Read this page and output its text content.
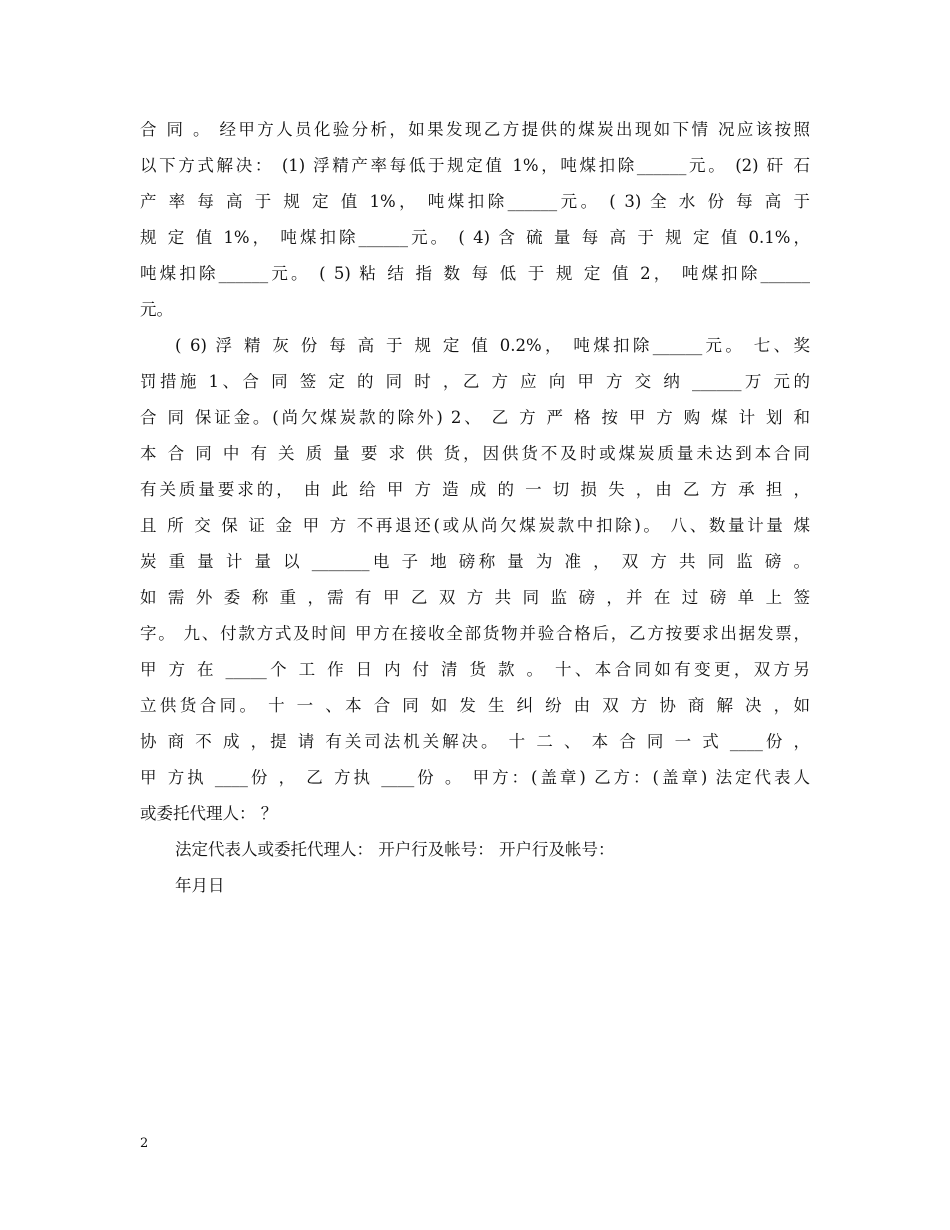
合 同 。 经甲方人员化验分析，如果发现乙方提供的煤炭出现如下情 况应该按照
以下方式解决： (1) 浮精产率每低于规定值 1%，吨煤扣除______元。 (2) 矸 石
产 率 每 高 于 规 定 值 1%， 吨煤扣除______元。 ( 3) 全 水 份 每 高 于
规 定 值 1%， 吨煤扣除______元。 ( 4) 含 硫 量 每 高 于 规 定 值 0.1%，
吨煤扣除______元。 ( 5) 粘 结 指 数 每 低 于 规 定 值 2， 吨煤扣除______
元。
( 6) 浮 精 灰 份 每 高 于 规 定 值 0.2%， 吨煤扣除______元。 七、奖
罚措施 1、合 同 签 定 的 同 时 ，乙 方 应 向 甲 方 交 纳 ______万 元的
合 同 保证金。(尚欠煤炭款的除外) 2、 乙 方 严 格 按 甲 方 购 煤 计 划 和
本 合 同 中 有 关 质 量 要 求 供 货，因供货不及时或煤炭质量未达到本合同
有关质量要求的， 由 此 给 甲 方 造 成 的 一 切 损 失 ，由 乙 方 承 担 ，
且 所 交 保 证 金 甲 方 不再退还(或从尚欠煤炭款中扣除)。 八、数量计量 煤
炭 重 量 计 量 以 _______电 子 地 磅称 量 为 准 ， 双 方 共 同 监 磅 。
如 需 外 委 称 重 ，需 有 甲 乙 双 方 共 同 监 磅 ，并 在 过 磅 单 上 签
字。 九、付款方式及时间 甲方在接收全部货物并验合格后，乙方按要求出据发票，
甲 方 在 _____个 工 作 日 内 付 清 货 款 。 十、本合同如有变更，双方另
立供货合同。 十 一 、本 合 同 如 发 生 纠 纷 由 双 方 协 商 解 决 ，如
协 商 不 成 ，提 请 有关司法机关解决。 十 二 、 本 合 同 一 式 ____份 ，
甲 方执 ____份 ， 乙 方执 ____份 。 甲方：(盖章) 乙方：(盖章) 法定代表人
或委托代理人： ？
法定代表人或委托代理人： 开户行及帐号： 开户行及帐号：
年月日
2
